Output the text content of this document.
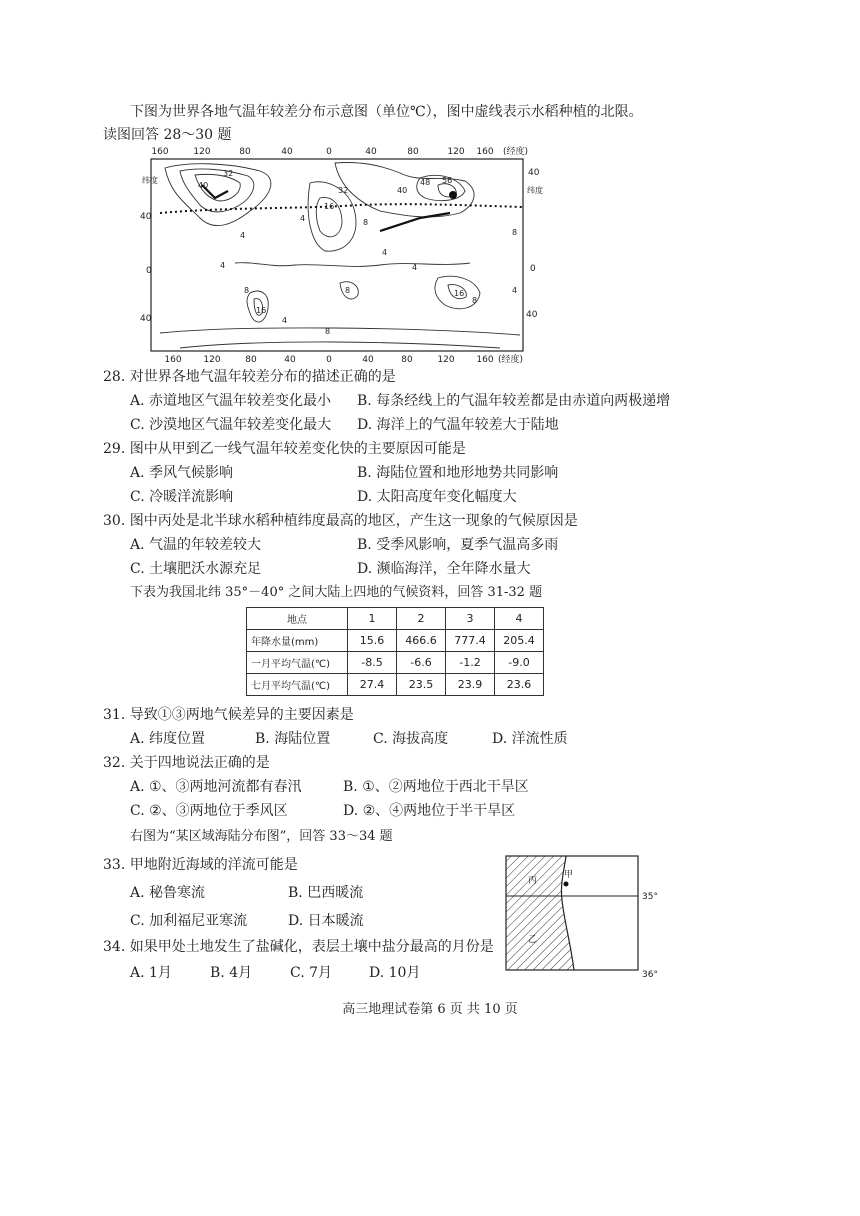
下图为世界各地气温年较差分布示意图（单位℃），图中虚线表示水稻种植的北限。
读图回答 28～30 题
160	120	80	40	0	40	80	120 160 (经度)
160 120	80	40	0	40	80	120 160 (经度)
40
0
40
40
0
40
纬度
纬度
32
40
32	40
48 56
16
8
4
4
8
4
4	4
16
8
4
8	16
8
4
8
28. 对世界各地气温年较差分布的描述正确的是
A. 赤道地区气温年较差变化最小 B. 每条经线上的气温年较差都是由赤道向两极递增
C. 沙漠地区气温年较差变化最大 D. 海洋上的气温年较差大于陆地
29. 图中从甲到乙一线气温年较差变化快的主要原因可能是
A. 季风气候影响	B. 海陆位置和地形地势共同影响
C. 冷暖洋流影响	D. 太阳高度年变化幅度大
30. 图中丙处是北半球水稻种植纬度最高的地区，产生这一现象的气候原因是
A. 气温的年较差较大	B. 受季风影响，夏季气温高多雨
C. 土壤肥沃水源充足	D. 濒临海洋，全年降水量大
下表为我国北纬 35°－40° 之间大陆上四地的气候资料，回答 31-32 题
地点	1	2	3	4
年降水量(mm)	15.6	466.6	777.4	205.4
一月平均气温(℃)	-8.5	-6.6	-1.2	-9.0
七月平均气温(℃)	27.4	23.5	23.9	23.6
31. 导致①③两地气候差异的主要因素是
A. 纬度位置	B. 海陆位置	C. 海拔高度	D. 洋流性质
32. 关于四地说法正确的是
A. ①、③两地河流都有春汛	B. ①、②两地位于西北干旱区
C. ②、③两地位于季风区	D. ②、④两地位于半干旱区
右图为“某区域海陆分布图”，回答 33～34 题
33. 甲地附近海域的洋流可能是
A. 秘鲁寒流	B. 巴西暖流
C. 加利福尼亚寒流	D. 日本暖流
34. 如果甲处土地发生了盐碱化，表层土壤中盐分最高的月份是
A. 1月	B. 4月	C. 7月	D. 10月
丙
甲
乙
35°
36°
高三地理试卷第 6 页 共 10 页
